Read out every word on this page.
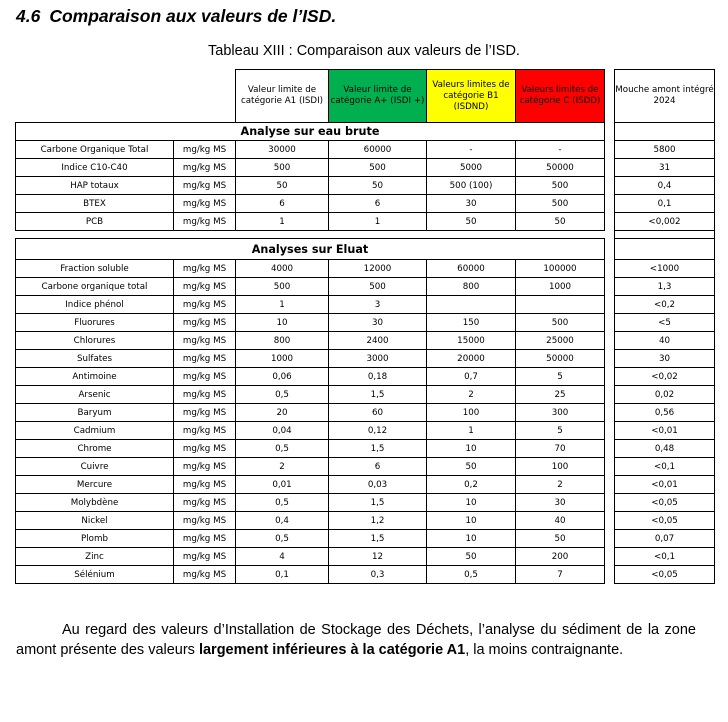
4.6 Comparaison aux valeurs de l’ISD.
Tableau XIII : Comparaison aux valeurs de l’ISD.
		Valeur limite de catégorie A1 (ISDI)	Valeur limite de catégorie A+ (ISDI +)	Valeurs limites de catégorie B1 (ISDND)	Valeurs limites de catégorie C (ISDD)		Mouche amont intégré 2024
Analyse sur eau brute							
Carbone Organique Total	mg/kg MS	30000	60000	-	-		5800
Indice C10-C40	mg/kg MS	500	500	5000	50000		31
HAP totaux	mg/kg MS	50	50	500 (100)	500		0,4
BTEX	mg/kg MS	6	6	30	500		0,1
PCB	mg/kg MS	1	1	50	50		<0,002

Analyses sur Eluat							
Fraction soluble	mg/kg MS	4000	12000	60000	100000		<1000
Carbone organique total	mg/kg MS	500	500	800	1000		1,3
Indice phénol	mg/kg MS	1	3				<0,2
Fluorures	mg/kg MS	10	30	150	500		<5
Chlorures	mg/kg MS	800	2400	15000	25000		40
Sulfates	mg/kg MS	1000	3000	20000	50000		30
Antimoine	mg/kg MS	0,06	0,18	0,7	5		<0,02
Arsenic	mg/kg MS	0,5	1,5	2	25		0,02
Baryum	mg/kg MS	20	60	100	300		0,56
Cadmium	mg/kg MS	0,04	0,12	1	5		<0,01
Chrome	mg/kg MS	0,5	1,5	10	70		0,48
Cuivre	mg/kg MS	2	6	50	100		<0,1
Mercure	mg/kg MS	0,01	0,03	0,2	2		<0,01
Molybdène	mg/kg MS	0,5	1,5	10	30		<0,05
Nickel	mg/kg MS	0,4	1,2	10	40		<0,05
Plomb	mg/kg MS	0,5	1,5	10	50		0,07
Zinc	mg/kg MS	4	12	50	200		<0,1
Sélénium	mg/kg MS	0,1	0,3	0,5	7		<0,05

Au regard des valeurs d’Installation de Stockage des Déchets, l’analyse du sédiment de la zone amont présente des valeurs largement inférieures à la catégorie A1, la moins contraignante.
